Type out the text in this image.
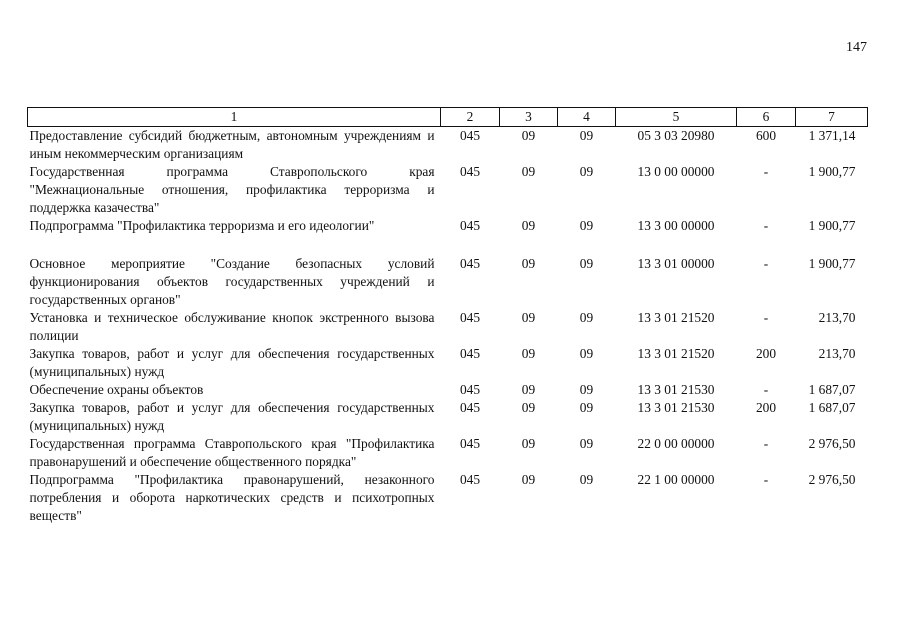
147
1	2	3	4	5	6	7
Предоставление субсидий бюджетным, автономным учреждениям и иным некоммерческим организациям	045	09	09	05 3 03 20980	600	1 371,14
Государственная программа Ставропольского края "Межнациональные отношения, профилактика терроризма и поддержка казачества"	045	09	09	13 0 00 00000	-	1 900,77
Подпрограмма "Профилактика терроризма и его идеологии"	045	09	09	13 3 00 00000	-	1 900,77
Основное мероприятие "Создание безопасных условий функционирования объектов государственных учреждений и государственных органов"	045	09	09	13 3 01 00000	-	1 900,77
Установка и техническое обслуживание кнопок экстренного вызова полиции	045	09	09	13 3 01 21520	-	213,70
Закупка товаров, работ и услуг для обеспечения государственных (муниципальных) нужд	045	09	09	13 3 01 21520	200	213,70
Обеспечение охраны объектов	045	09	09	13 3 01 21530	-	1 687,07
Закупка товаров, работ и услуг для обеспечения государственных (муниципальных) нужд	045	09	09	13 3 01 21530	200	1 687,07
Государственная программа Ставропольского края "Профилактика правонарушений и обеспечение общественного порядка"	045	09	09	22 0 00 00000	-	2 976,50
Подпрограмма "Профилактика правонарушений, незаконного потребления и оборота наркотических средств и психотропных веществ"	045	09	09	22 1 00 00000	-	2 976,50
